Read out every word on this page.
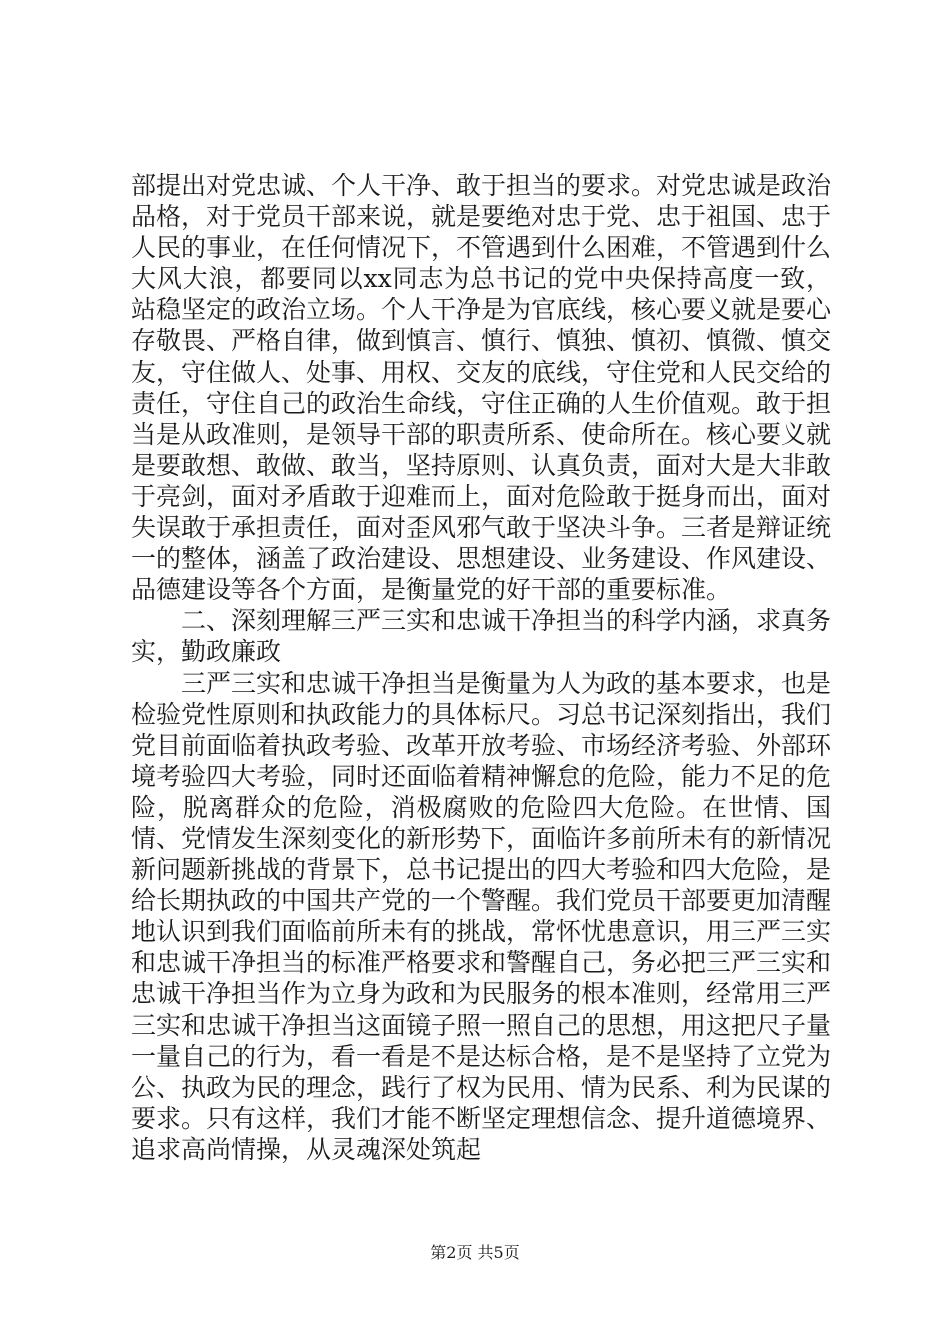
部提出对党忠诚、个人干净、敢于担当的要求。对党忠诚是政治品格，对于党员干部来说，就是要绝对忠于党、忠于祖国、忠于人民的事业，在任何情况下，不管遇到什么困难，不管遇到什么大风大浪，都要同以xx同志为总书记的党中央保持高度一致，站稳坚定的政治立场。个人干净是为官底线，核心要义就是要心存敬畏、严格自律，做到慎言、慎行、慎独、慎初、慎微、慎交友，守住做人、处事、用权、交友的底线，守住党和人民交给的责任，守住自己的政治生命线，守住正确的人生价值观。敢于担当是从政准则，是领导干部的职责所系、使命所在。核心要义就是要敢想、敢做、敢当，坚持原则、认真负责，面对大是大非敢于亮剑，面对矛盾敢于迎难而上，面对危险敢于挺身而出，面对失误敢于承担责任，面对歪风邪气敢于坚决斗争。三者是辩证统一的整体，涵盖了政治建设、思想建设、业务建设、作风建设、品德建设等各个方面，是衡量党的好干部的重要标准。

二、深刻理解三严三实和忠诚干净担当的科学内涵，求真务实，勤政廉政

三严三实和忠诚干净担当是衡量为人为政的基本要求，也是检验党性原则和执政能力的具体标尺。习总书记深刻指出，我们党目前面临着执政考验、改革开放考验、市场经济考验、外部环境考验四大考验，同时还面临着精神懈怠的危险，能力不足的危险，脱离群众的危险，消极腐败的危险四大危险。在世情、国情、党情发生深刻变化的新形势下，面临许多前所未有的新情况新问题新挑战的背景下，总书记提出的四大考验和四大危险，是给长期执政的中国共产党的一个警醒。我们党员干部要更加清醒地认识到我们面临前所未有的挑战，常怀忧患意识，用三严三实和忠诚干净担当的标准严格要求和警醒自己，务必把三严三实和忠诚干净担当作为立身为政和为民服务的根本准则，经常用三严三实和忠诚干净担当这面镜子照一照自己的思想，用这把尺子量一量自己的行为，看一看是不是达标合格，是不是坚持了立党为公、执政为民的理念，践行了权为民用、情为民系、利为民谋的要求。只有这样，我们才能不断坚定理想信念、提升道德境界、追求高尚情操，从灵魂深处筑起

第2页 共5页
